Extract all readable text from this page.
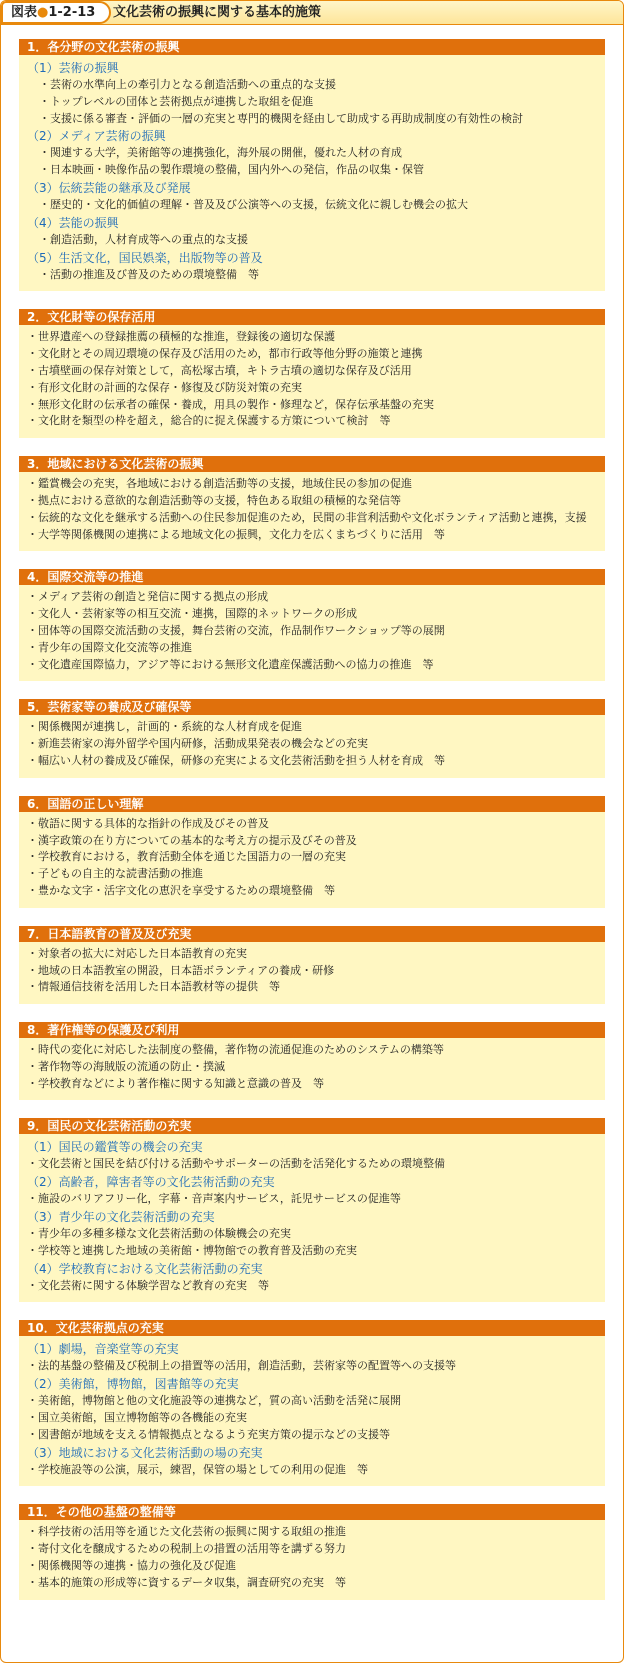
図表●1-2-13	文化芸術の振興に関する基本的施策
1．各分野の文化芸術の振興
（1）芸術の振興
・芸術の水準向上の牽引力となる創造活動への重点的な支援
・トップレベルの団体と芸術拠点が連携した取組を促進
・支援に係る審査・評価の一層の充実と専門的機関を経由して助成する再助成制度の有効性の検討
（2）メディア芸術の振興
・関連する大学，美術館等の連携強化，海外展の開催，優れた人材の育成
・日本映画・映像作品の製作環境の整備，国内外への発信，作品の収集・保管
（3）伝統芸能の継承及び発展
・歴史的・文化的価値の理解・普及及び公演等への支援，伝統文化に親しむ機会の拡大
（4）芸能の振興
・創造活動，人材育成等への重点的な支援
（5）生活文化，国民娯楽，出版物等の普及
・活動の推進及び普及のための環境整備　等
2．文化財等の保存活用
・世界遺産への登録推薦の積極的な推進，登録後の適切な保護
・文化財とその周辺環境の保存及び活用のため，都市行政等他分野の施策と連携
・古墳壁画の保存対策として，高松塚古墳，キトラ古墳の適切な保存及び活用
・有形文化財の計画的な保存・修復及び防災対策の充実
・無形文化財の伝承者の確保・養成，用具の製作・修理など，保存伝承基盤の充実
・文化財を類型の枠を超え，総合的に捉え保護する方策について検討　等
3．地域における文化芸術の振興
・鑑賞機会の充実，各地域における創造活動等の支援，地域住民の参加の促進
・拠点における意欲的な創造活動等の支援，特色ある取組の積極的な発信等
・伝統的な文化を継承する活動への住民参加促進のため，民間の非営利活動や文化ボランティア活動と連携，支援
・大学等関係機関の連携による地域文化の振興，文化力を広くまちづくりに活用　等
4．国際交流等の推進
・メディア芸術の創造と発信に関する拠点の形成
・文化人・芸術家等の相互交流・連携，国際的ネットワークの形成
・団体等の国際交流活動の支援，舞台芸術の交流，作品制作ワークショップ等の展開
・青少年の国際文化交流等の推進
・文化遺産国際協力，アジア等における無形文化遺産保護活動への協力の推進　等
5．芸術家等の養成及び確保等
・関係機関が連携し，計画的・系統的な人材育成を促進
・新進芸術家の海外留学や国内研修，活動成果発表の機会などの充実
・幅広い人材の養成及び確保，研修の充実による文化芸術活動を担う人材を育成　等
6．国語の正しい理解
・敬語に関する具体的な指針の作成及びその普及
・漢字政策の在り方についての基本的な考え方の提示及びその普及
・学校教育における，教育活動全体を通じた国語力の一層の充実
・子どもの自主的な読書活動の推進
・豊かな文字・活字文化の恵沢を享受するための環境整備　等
7．日本語教育の普及及び充実
・対象者の拡大に対応した日本語教育の充実
・地域の日本語教室の開設，日本語ボランティアの養成・研修
・情報通信技術を活用した日本語教材等の提供　等
8．著作権等の保護及び利用
・時代の変化に対応した法制度の整備，著作物の流通促進のためのシステムの構築等
・著作物等の海賊版の流通の防止・撲滅
・学校教育などにより著作権に関する知識と意識の普及　等
9．国民の文化芸術活動の充実
（1）国民の鑑賞等の機会の充実
・文化芸術と国民を結び付ける活動やサポーターの活動を活発化するための環境整備
（2）高齢者，障害者等の文化芸術活動の充実
・施設のバリアフリー化，字幕・音声案内サービス，託児サービスの促進等
（3）青少年の文化芸術活動の充実
・青少年の多種多様な文化芸術活動の体験機会の充実
・学校等と連携した地域の美術館・博物館での教育普及活動の充実
（4）学校教育における文化芸術活動の充実
・文化芸術に関する体験学習など教育の充実　等
10．文化芸術拠点の充実
（1）劇場，音楽堂等の充実
・法的基盤の整備及び税制上の措置等の活用，創造活動，芸術家等の配置等への支援等
（2）美術館，博物館，図書館等の充実
・美術館，博物館と他の文化施設等の連携など，質の高い活動を活発に展開
・国立美術館，国立博物館等の各機能の充実
・図書館が地域を支える情報拠点となるよう充実方策の提示などの支援等
（3）地域における文化芸術活動の場の充実
・学校施設等の公演，展示，練習，保管の場としての利用の促進　等
11．その他の基盤の整備等
・科学技術の活用等を通じた文化芸術の振興に関する取組の推進
・寄付文化を醸成するための税制上の措置の活用等を講ずる努力
・関係機関等の連携・協力の強化及び促進
・基本的施策の形成等に資するデータ収集，調査研究の充実　等
